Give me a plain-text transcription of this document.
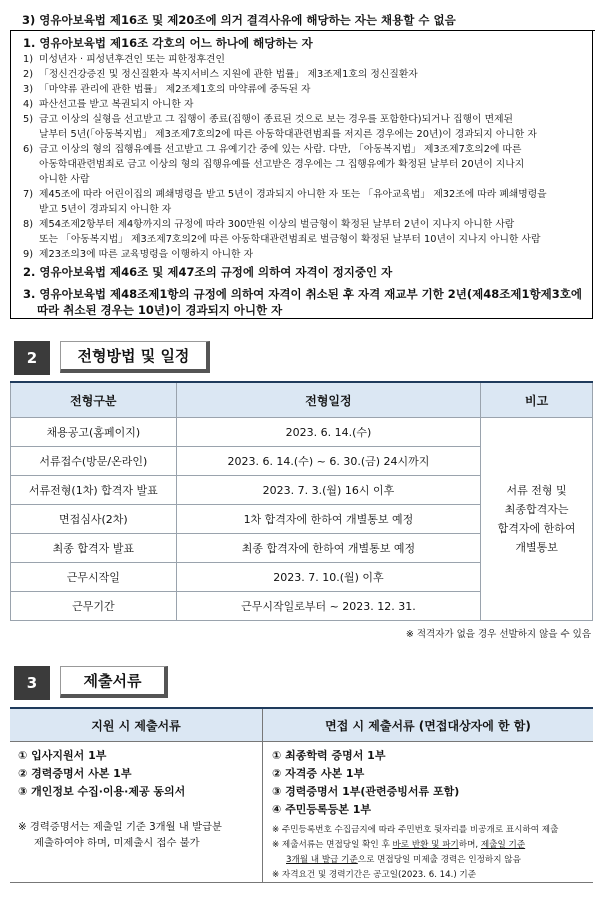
3) 영유아보육법 제16조 및 제20조에 의거 결격사유에 해당하는 자는 채용할 수 없음
1. 영유아보육법 제16조 각호의 어느 하나에 해당하는 자
1) 미성년자 · 피성년후견인 또는 피한정후견인
2) 「정신건강증진 및 정신질환자 복지서비스 지원에 관한 법률」 제3조제1호의 정신질환자
3) 「마약류 관리에 관한 법률」 제2조제1호의 마약류에 중독된 자
4) 파산선고를 받고 복권되지 아니한 자
5) 금고 이상의 실형을 선고받고 그 집행이 종료(집행이 종료된 것으로 보는 경우를 포함한다)되거나 집행이 면제된
날부터 5년(「아동복지법」 제3조제7호의2에 따른 아동학대관련범죄를 저지른 경우에는 20년)이 경과되지 아니한 자
6) 금고 이상의 형의 집행유예를 선고받고 그 유예기간 중에 있는 사람. 다만, 「아동복지법」 제3조제7호의2에 따른
아동학대관련범죄로 금고 이상의 형의 집행유예를 선고받은 경우에는 그 집행유예가 확정된 날부터 20년이 지나지
아니한 사람
7) 제45조에 따라 어린이집의 폐쇄명령을 받고 5년이 경과되지 아니한 자 또는 「유아교육법」 제32조에 따라 폐쇄명령을
받고 5년이 경과되지 아니한 자
8) 제54조제2항부터 제4항까지의 규정에 따라 300만원 이상의 벌금형이 확정된 날부터 2년이 지나지 아니한 사람
또는 「아동복지법」 제3조제7호의2에 따른 아동학대관련범죄로 벌금형이 확정된 날부터 10년이 지나지 아니한 사람
9) 제23조의3에 따른 교육명령을 이행하지 아니한 자
2. 영유아보육법 제46조 및 제47조의 규정에 의하여 자격이 정지중인 자
3. 영유아보육법 제48조제1항의 규정에 의하여 자격이 취소된 후 자격 재교부 기한 2년(제48조제1항제3호에
따라 취소된 경우는 10년)이 경과되지 아니한 자
2	전형방법 및 일정
전형구분	전형일정	비고
채용공고(홈페이지)	2023. 6. 14.(수)	서류 전형 및
최종합격자는
합격자에 한하여
개별통보

서류접수(방문/온라인)	2023. 6. 14.(수) ~ 6. 30.(금) 24시까지	
서류전형(1차) 합격자 발표	2023. 7. 3.(월) 16시 이후	
면접심사(2차)	1차 합격자에 한하여 개별통보 예정	
최종 합격자 발표	최종 합격자에 한하여 개별통보 예정	
근무시작일	2023. 7. 10.(월) 이후	
근무기간	근무시작일로부터 ~ 2023. 12. 31.	
※ 적격자가 없을 경우 선발하지 않을 수 있음
3	제출서류
지원 시 제출서류	면접 시 제출서류 (면접대상자에 한 함)
① 입사지원서 1부
② 경력증명서 사본 1부
③ 개인정보 수집·이용·제공 동의서
※ 경력증명서는 제출일 기준 3개월 내 발급분
제출하여야 하며, 미제출시 접수 불가
① 최종학력 증명서 1부
② 자격증 사본 1부
③ 경력증명서 1부(관련증빙서류 포함)
④ 주민등록등본 1부
※ 주민등록번호 수집금지에 따라 주민번호 뒷자리를 비공개로 표시하여 제출
※ 제출서류는 면접당일 확인 후 바로 반환 및 파기하며, 제출일 기준
3개월 내 발급 기준으로 면접당일 미제출 경력은 인정하지 않음
※ 자격요건 및 경력기간은 공고일(2023. 6. 14.) 기준
